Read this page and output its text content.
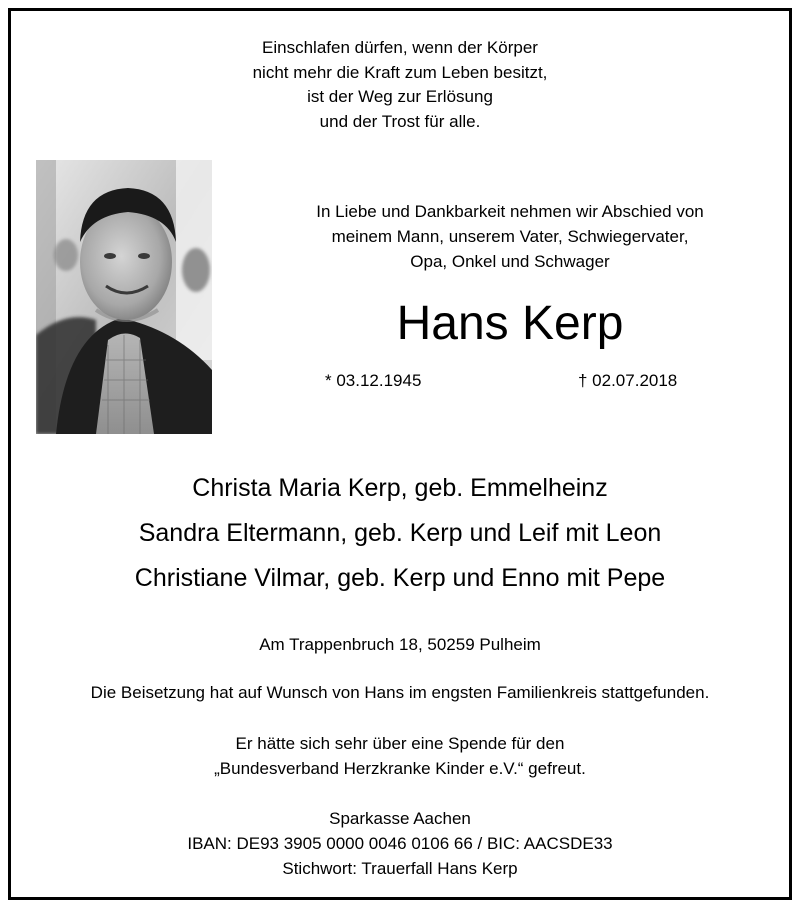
Einschlafen dürfen, wenn der Körper
nicht mehr die Kraft zum Leben besitzt,
ist der Weg zur Erlösung
und der Trost für alle.
In Liebe und Dankbarkeit nehmen wir Abschied von
meinem Mann, unserem Vater, Schwiegervater,
Opa, Onkel und Schwager
Hans Kerp
* 03.12.1945	† 02.07.2018
Christa Maria Kerp, geb. Emmelheinz
Sandra Eltermann, geb. Kerp und Leif mit Leon
Christiane Vilmar, geb. Kerp und Enno mit Pepe
Am Trappenbruch 18, 50259 Pulheim
Die Beisetzung hat auf Wunsch von Hans im engsten Familienkreis stattgefunden.
Er hätte sich sehr über eine Spende für den
„Bundesverband Herzkranke Kinder e.V.“ gefreut.
Sparkasse Aachen
IBAN: DE93 3905 0000 0046 0106 66 / BIC: AACSDE33
Stichwort: Trauerfall Hans Kerp
